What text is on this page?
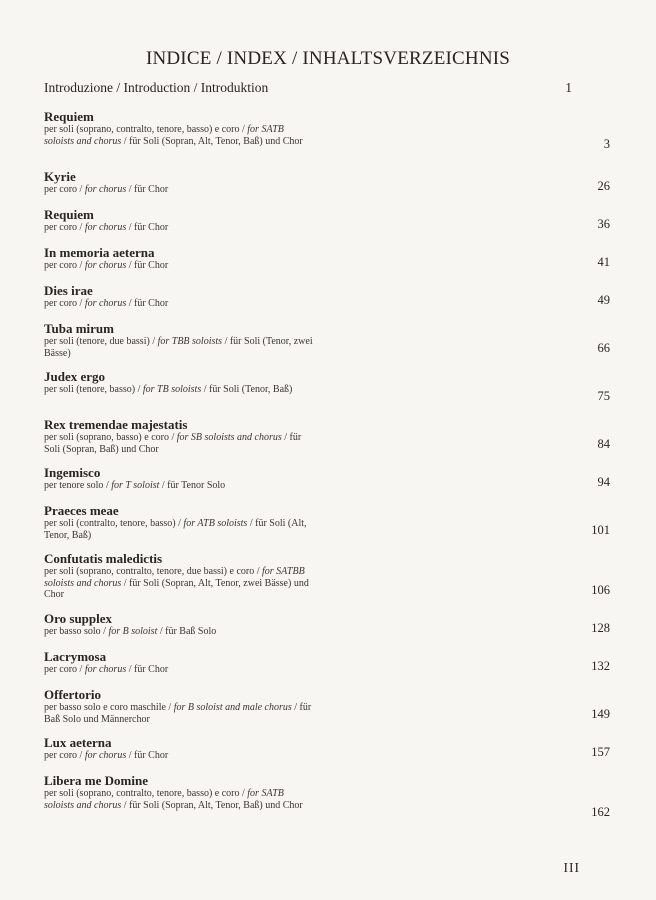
INDICE / INDEX / INHALTSVERZEICHNIS
Introduzione / Introduction / Introduktion	1
Requiem
per soli (soprano, contralto, tenore, basso) e coro / for SATB soloists and chorus / für Soli (Sopran, Alt, Tenor, Baß) und Chor	3
Kyrie
per coro / for chorus / für Chor	26
Requiem
per coro / for chorus / für Chor	36
In memoria aeterna
per coro / for chorus / für Chor	41
Dies irae
per coro / for chorus / für Chor	49
Tuba mirum
per soli (tenore, due bassi) / for TBB soloists / für Soli (Tenor, zwei Bässe)	66
Judex ergo
per soli (tenore, basso) / for TB soloists / für Soli (Tenor, Baß)	75
Rex tremendae majestatis
per soli (soprano, basso) e coro / for SB soloists and chorus / für Soli (Sopran, Baß) und Chor	84
Ingemisco
per tenore solo / for T soloist / für Tenor Solo	94
Praeces meae
per soli (contralto, tenore, basso) / for ATB soloists / für Soli (Alt, Tenor, Baß)	101
Confutatis maledictis
per soli (soprano, contralto, tenore, due bassi) e coro / for SATBB soloists and chorus / für Soli (Sopran, Alt, Tenor, zwei Bässe) und Chor	106
Oro supplex
per basso solo / for B soloist / für Baß Solo	128
Lacrymosa
per coro / for chorus / für Chor	132
Offertorio
per basso solo e coro maschile / for B soloist and male chorus / für Baß Solo und Männerchor	149
Lux aeterna
per coro / for chorus / für Chor	157
Libera me Domine
per soli (soprano, contralto, tenore, basso) e coro / for SATB soloists and chorus / für Soli (Sopran, Alt, Tenor, Baß) und Chor	162
III
